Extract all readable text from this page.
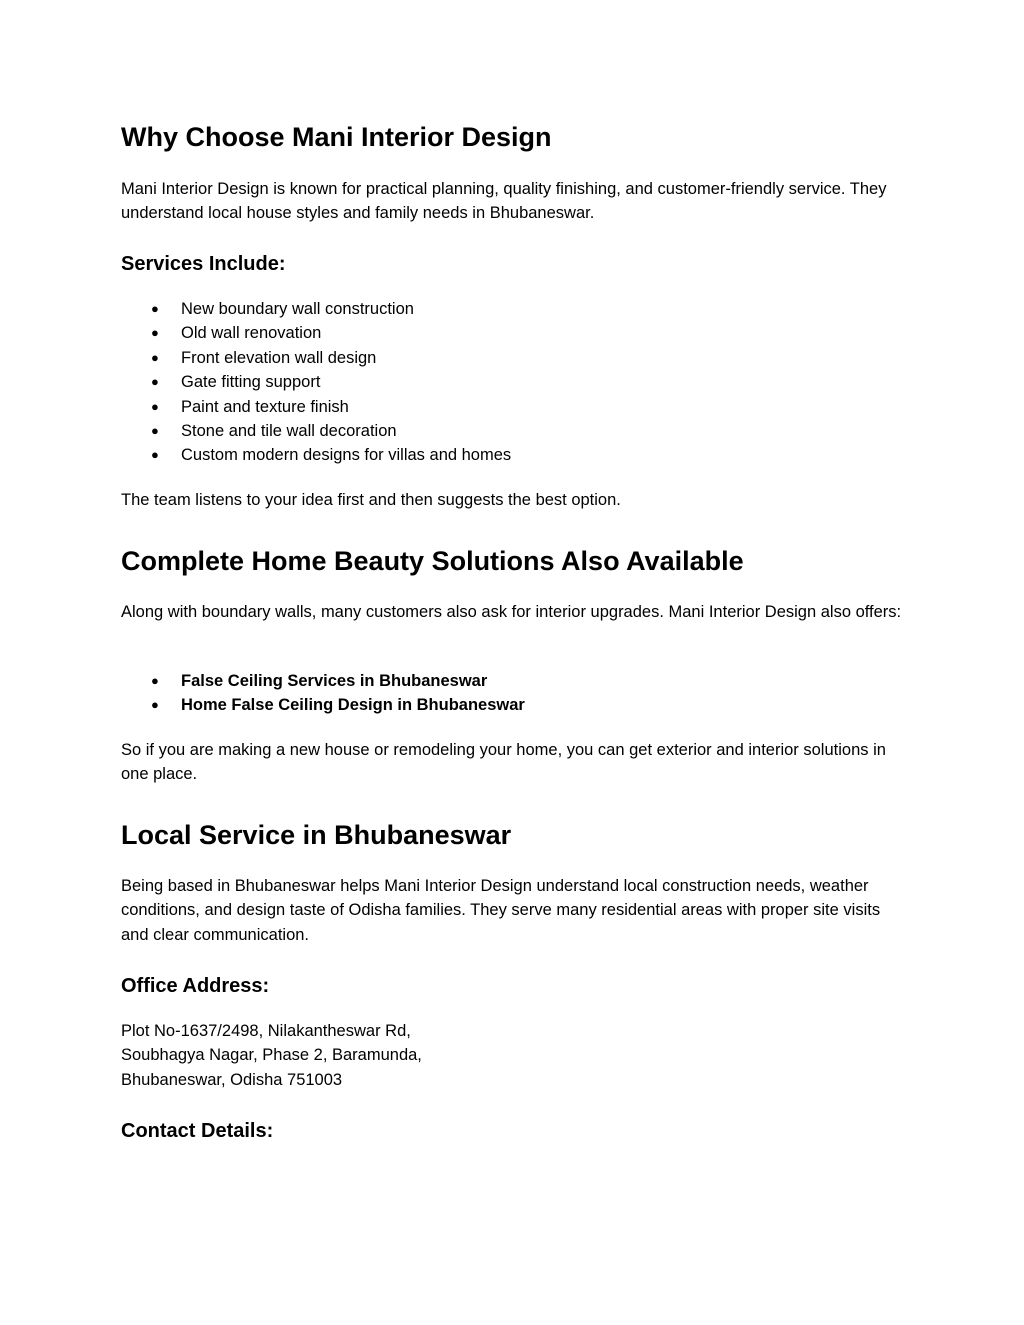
Why Choose Mani Interior Design

Mani Interior Design is known for practical planning, quality finishing, and customer-friendly service. They understand local house styles and family needs in Bhubaneswar.

Services Include:
● New boundary wall construction
● Old wall renovation
● Front elevation wall design
● Gate fitting support
● Paint and texture finish
● Stone and tile wall decoration
● Custom modern designs for villas and homes

The team listens to your idea first and then suggests the best option.

Complete Home Beauty Solutions Also Available

Along with boundary walls, many customers also ask for interior upgrades. Mani Interior Design also offers:

● False Ceiling Services in Bhubaneswar
● Home False Ceiling Design in Bhubaneswar

So if you are making a new house or remodeling your home, you can get exterior and interior solutions in one place.

Local Service in Bhubaneswar

Being based in Bhubaneswar helps Mani Interior Design understand local construction needs, weather conditions, and design taste of Odisha families. They serve many residential areas with proper site visits and clear communication.

Office Address:

Plot No-1637/2498, Nilakantheswar Rd,
Soubhagya Nagar, Phase 2, Baramunda,
Bhubaneswar, Odisha 751003

Contact Details:
